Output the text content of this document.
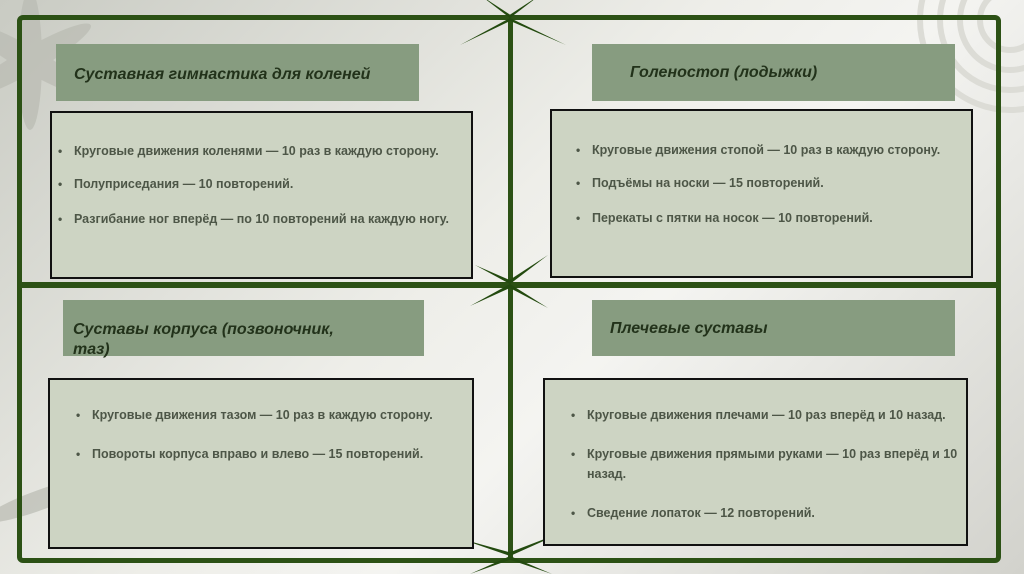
Суставная гимнастика для коленей
• Круговые движения коленями — 10 раз в каждую сторону.
• Полуприседания — 10 повторений.
• Разгибание ног вперёд — по 10 повторений на каждую ногу.
Голеностоп (лодыжки)
• Круговые движения стопой — 10 раз в каждую сторону.
• Подъёмы на носки — 15 повторений.
• Перекаты с пятки на носок — 10 повторений.
Суставы корпуса (позвоночник, таз)
• Круговые движения тазом — 10 раз в каждую сторону.
• Повороты корпуса вправо и влево — 15 повторений.
Плечевые суставы
• Круговые движения плечами — 10 раз вперёд и 10 назад.
• Круговые движения прямыми руками — 10 раз вперёд и 10 назад.
• Сведение лопаток — 12 повторений.
